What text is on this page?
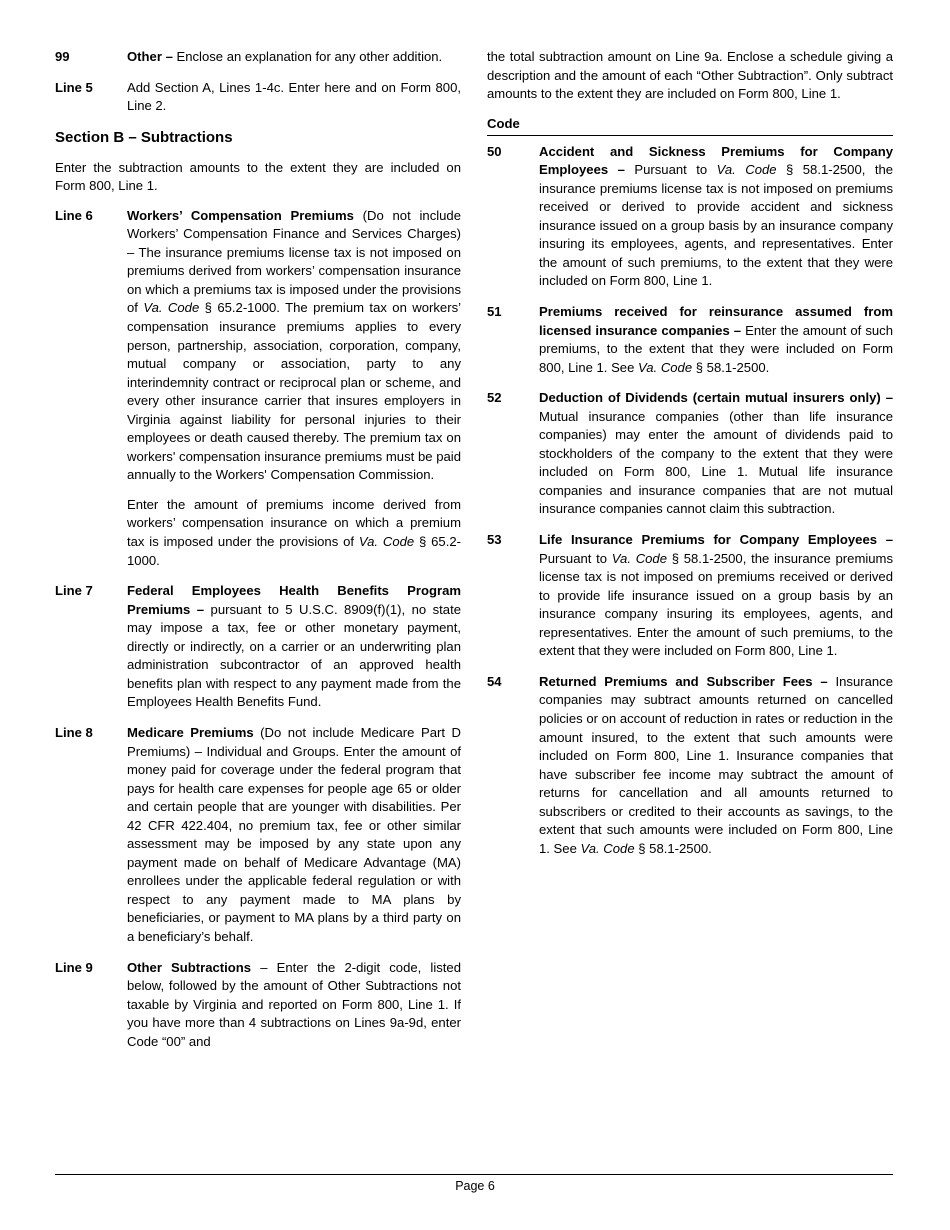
99	Other – Enclose an explanation for any other addition.

Line 5	Add Section A, Lines 1-4c. Enter here and on Form 800, Line 2.

Section B – Subtractions

Enter the subtraction amounts to the extent they are included on Form 800, Line 1.

Line 6	Workers’ Compensation Premiums (Do not include Workers’ Compensation Finance and Services Charges) – The insurance premiums license tax is not imposed on premiums derived from workers’ compensation insurance on which a premiums tax is imposed under the provisions of Va. Code § 65.2-1000. The premium tax on workers’ compensation insurance premiums applies to every person, partnership, association, corporation, company, mutual company or association, party to any interindemnity contract or reciprocal plan or scheme, and every other insurance carrier that insures employers in Virginia against liability for personal injuries to their employees or death caused thereby. The premium tax on workers' compensation insurance premiums must be paid annually to the Workers' Compensation Commission.

Enter the amount of premiums income derived from workers’ compensation insurance on which a premium tax is imposed under the provisions of Va. Code § 65.2-1000.

Line 7	Federal Employees Health Benefits Program Premiums – pursuant to 5 U.S.C. 8909(f)(1), no state may impose a tax, fee or other monetary payment, directly or indirectly, on a carrier or an underwriting plan administration subcontractor of an approved health benefits plan with respect to any payment made from the Employees Health Benefits Fund.

Line 8	Medicare Premiums (Do not include Medicare Part D Premiums) – Individual and Groups. Enter the amount of money paid for coverage under the federal program that pays for health care expenses for people age 65 or older and certain people that are younger with disabilities. Per 42 CFR 422.404, no premium tax, fee or other similar assessment may be imposed by any state upon any payment made on behalf of Medicare Advantage (MA) enrollees under the applicable federal regulation or with respect to any payment made to MA plans by beneficiaries, or payment to MA plans by a third party on a beneficiary’s behalf.

Line 9	Other Subtractions – Enter the 2-digit code, listed below, followed by the amount of Other Subtractions not taxable by Virginia and reported on Form 800, Line 1. If you have more than 4 subtractions on Lines 9a-9d, enter Code “00” and

the total subtraction amount on Line 9a. Enclose a schedule giving a description and the amount of each “Other Subtraction”. Only subtract amounts to the extent they are included on Form 800, Line 1.

Code
50	Accident and Sickness Premiums for Company Employees – Pursuant to Va. Code § 58.1-2500, the insurance premiums license tax is not imposed on premiums received or derived to provide accident and sickness insurance issued on a group basis by an insurance company insuring its employees, agents, and representatives. Enter the amount of such premiums, to the extent that they were included on Form 800, Line 1.

51	Premiums received for reinsurance assumed from licensed insurance companies – Enter the amount of such premiums, to the extent that they were included on Form 800, Line 1. See Va. Code § 58.1-2500.

52	Deduction of Dividends (certain mutual insurers only) – Mutual insurance companies (other than life insurance companies) may enter the amount of dividends paid to stockholders of the company to the extent that they were included on Form 800, Line 1. Mutual life insurance companies and insurance companies that are not mutual insurance companies cannot claim this subtraction.

53	Life Insurance Premiums for Company Employees – Pursuant to Va. Code § 58.1-2500, the insurance premiums license tax is not imposed on premiums received or derived to provide life insurance issued on a group basis by an insurance company insuring its employees, agents, and representatives. Enter the amount of such premiums, to the extent that they were included on Form 800, Line 1.

54	Returned Premiums and Subscriber Fees – Insurance companies may subtract amounts returned on cancelled policies or on account of reduction in rates or reduction in the amount insured, to the extent that such amounts were included on Form 800, Line 1. Insurance companies that have subscriber fee income may subtract the amount of returns for cancellation and all amounts returned to subscribers or credited to their accounts as savings, to the extent that such amounts were included on Form 800, Line 1. See Va. Code § 58.1-2500.

Page 6
